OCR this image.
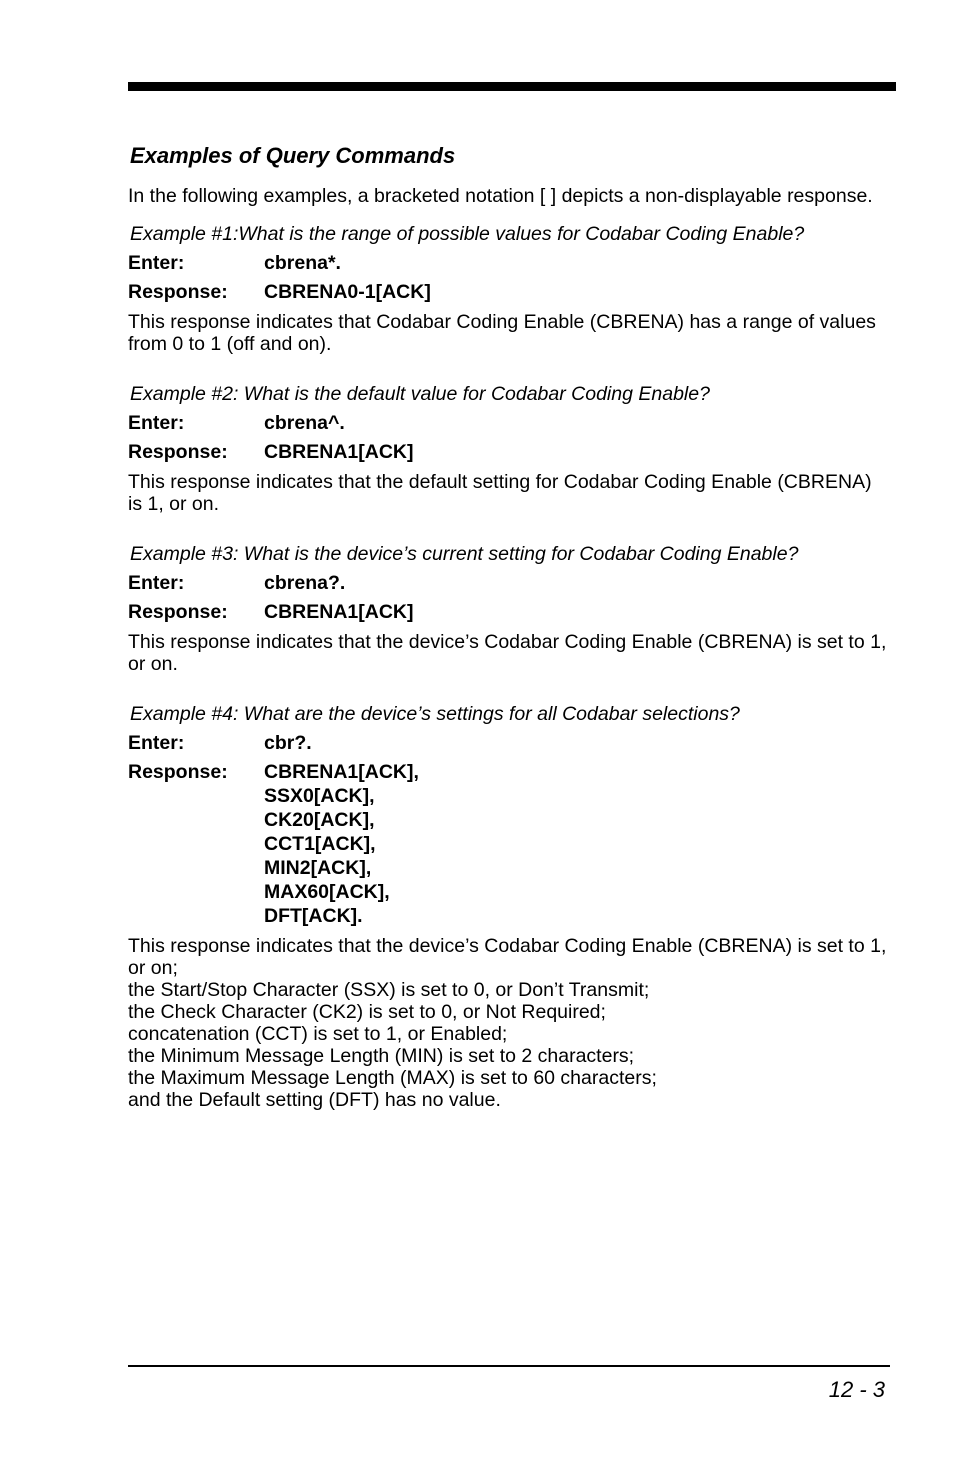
Examples of Query Commands

In the following examples, a bracketed notation [ ] depicts a non-displayable response.

Example #1:What is the range of possible values for Codabar Coding Enable?

Enter:	cbrena*.
Response:	CBRENA0-1[ACK]

This response indicates that Codabar Coding Enable (CBRENA) has a range of values from 0 to 1 (off and on).

Example #2: What is the default value for Codabar Coding Enable?

Enter:	cbrena^.
Response:	CBRENA1[ACK]

This response indicates that the default setting for Codabar Coding Enable (CBRENA) is 1, or on.

Example #3: What is the device’s current setting for Codabar Coding Enable?

Enter:	cbrena?.
Response:	CBRENA1[ACK]

This response indicates that the device’s Codabar Coding Enable (CBRENA) is set to 1, or on.

Example #4: What are the device’s settings for all Codabar selections?

Enter:	cbr?.
Response:	CBRENA1[ACK],
SSX0[ACK],
CK20[ACK],
CCT1[ACK],
MIN2[ACK],
MAX60[ACK],
DFT[ACK].

This response indicates that the device’s Codabar Coding Enable (CBRENA) is set to 1, or on;
the Start/Stop Character (SSX) is set to 0, or Don’t Transmit;
the Check Character (CK2) is set to 0, or Not Required;
concatenation (CCT) is set to 1, or Enabled;
the Minimum Message Length (MIN) is set to 2 characters;
the Maximum Message Length (MAX) is set to 60 characters;
and the Default setting (DFT) has no value.

12 - 3
